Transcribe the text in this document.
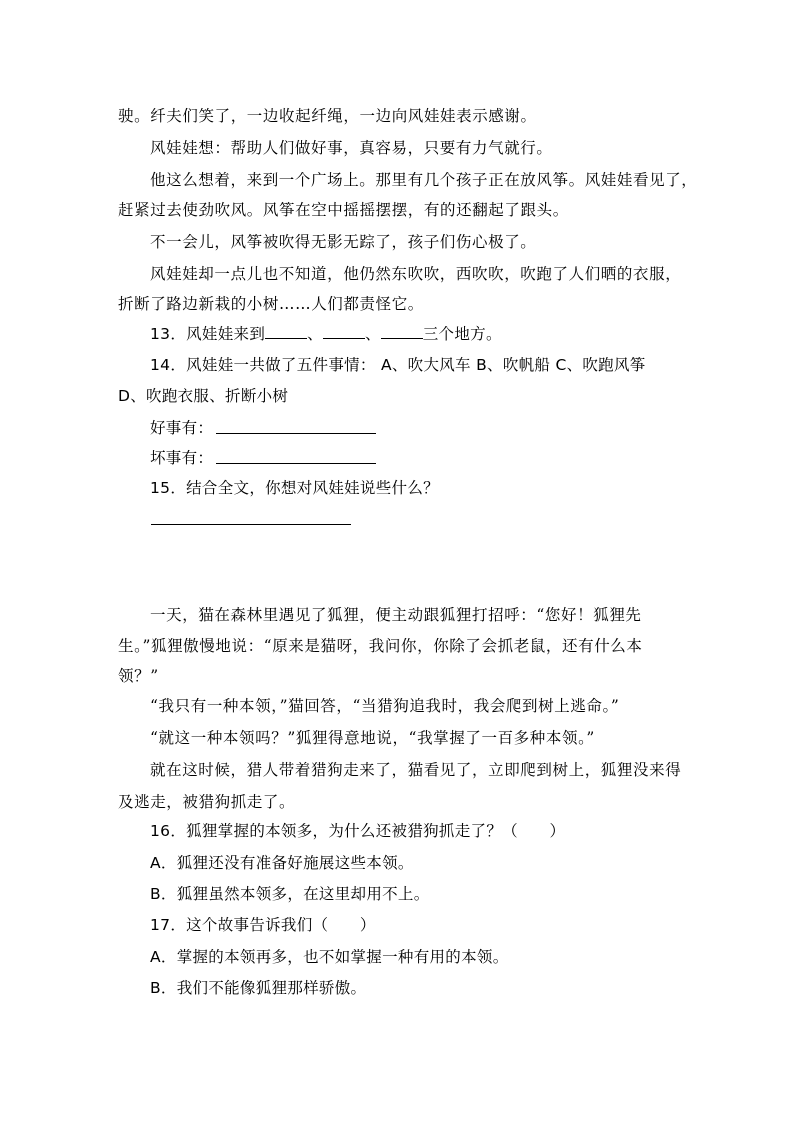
驶。纤夫们笑了，一边收起纤绳，一边向风娃娃表示感谢。
风娃娃想：帮助人们做好事，真容易，只要有力气就行。
他这么想着，来到一个广场上。那里有几个孩子正在放风筝。风娃娃看见了，
赶紧过去使劲吹风。风筝在空中摇摇摆摆，有的还翻起了跟头。
不一会儿，风筝被吹得无影无踪了，孩子们伤心极了。
风娃娃却一点儿也不知道，他仍然东吹吹，西吹吹，吹跑了人们晒的衣服，
折断了路边新栽的小树……人们都责怪它。
13．风娃娃来到	、	、	三个地方。
14．风娃娃一共做了五件事情： A、吹大风车 B、吹帆船 C、吹跑风筝
D、吹跑衣服、折断小树
好事有：
坏事有：
15．结合全文，你想对风娃娃说些什么？
一天，猫在森林里遇见了狐狸，便主动跟狐狸打招呼：“您好！狐狸先
生。”狐狸傲慢地说：“原来是猫呀，我问你，你除了会抓老鼠，还有什么本
领？”
“我只有一种本领，”猫回答，“当猎狗追我时，我会爬到树上逃命。”
“就这一种本领吗？”狐狸得意地说，“我掌握了一百多种本领。”
就在这时候，猎人带着猎狗走来了，猫看见了，立即爬到树上，狐狸没来得
及逃走，被猎狗抓走了。
16．狐狸掌握的本领多，为什么还被猎狗抓走了？（　　）
A．狐狸还没有准备好施展这些本领。
B．狐狸虽然本领多，在这里却用不上。
17．这个故事告诉我们（　　）
A．掌握的本领再多，也不如掌握一种有用的本领。
B．我们不能像狐狸那样骄傲。
